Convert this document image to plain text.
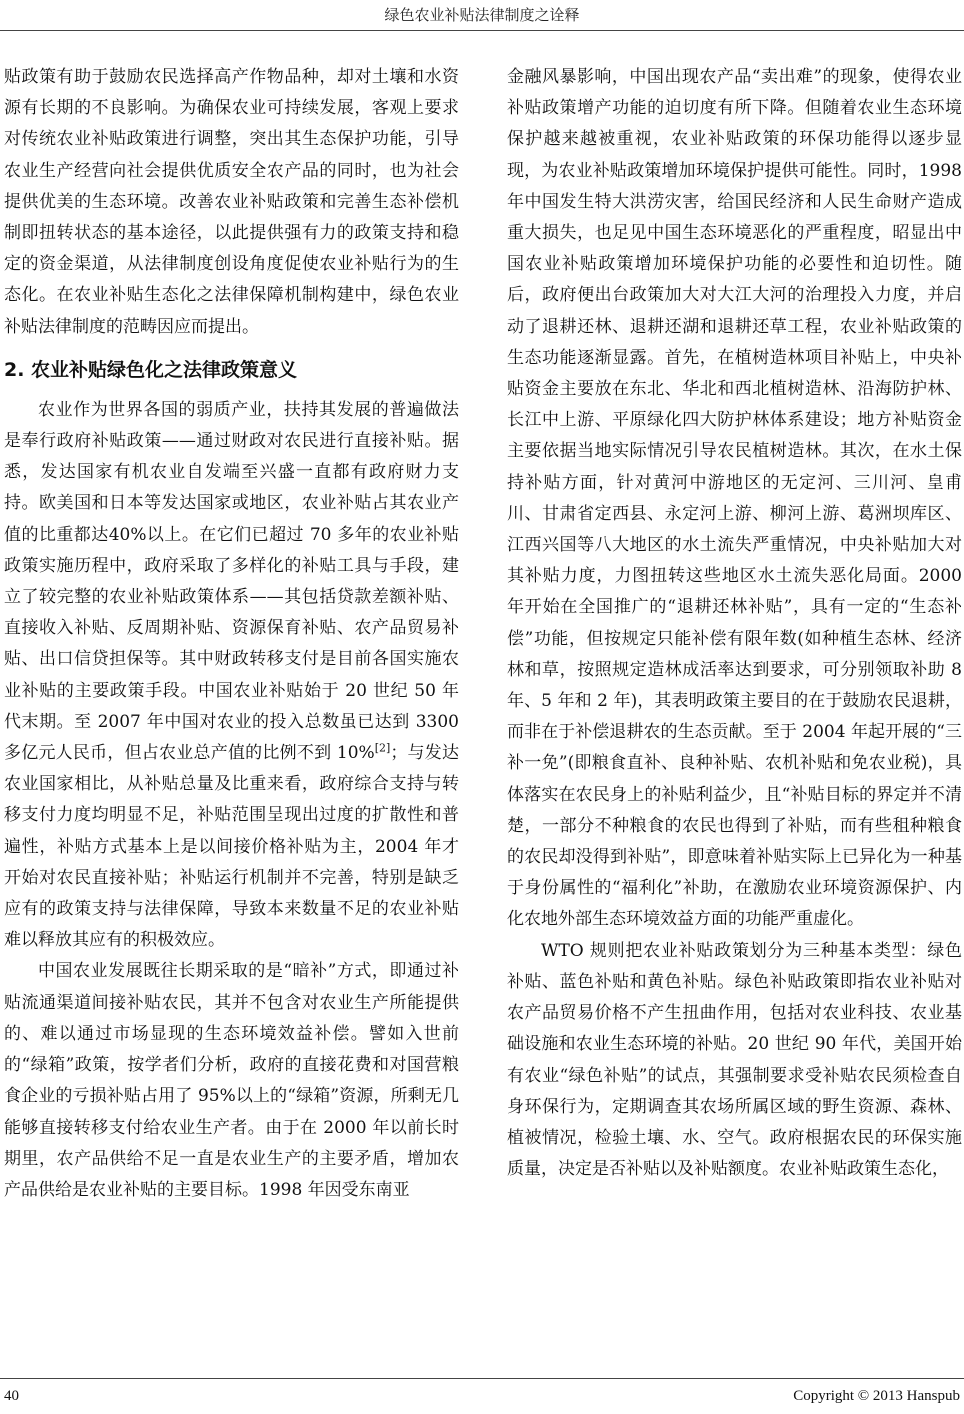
绿色农业补贴法律制度之诠释

贴政策有助于鼓励农民选择高产作物品种，却对土壤和水资源有长期的不良影响。为确保农业可持续发展，客观上要求对传统农业补贴政策进行调整，突出其生态保护功能，引导农业生产经营向社会提供优质安全农产品的同时，也为社会提供优美的生态环境。改善农业补贴政策和完善生态补偿机制即扭转状态的基本途径，以此提供强有力的政策支持和稳定的资金渠道，从法律制度创设角度促使农业补贴行为的生态化。在农业补贴生态化之法律保障机制构建中，绿色农业补贴法律制度的范畴因应而提出。

2. 农业补贴绿色化之法律政策意义

农业作为世界各国的弱质产业，扶持其发展的普遍做法是奉行政府补贴政策——通过财政对农民进行直接补贴。据悉，发达国家有机农业自发端至兴盛一直都有政府财力支持。欧美国和日本等发达国家或地区，农业补贴占其农业产值的比重都达40%以上。在它们已超过 70 多年的农业补贴政策实施历程中，政府采取了多样化的补贴工具与手段，建立了较完整的农业补贴政策体系——其包括贷款差额补贴、直接收入补贴、反周期补贴、资源保育补贴、农产品贸易补贴、出口信贷担保等。其中财政转移支付是目前各国实施农业补贴的主要政策手段。中国农业补贴始于 20 世纪 50 年代末期。至 2007 年中国对农业的投入总数虽已达到 3300 多亿元人民币，但占农业总产值的比例不到 10%[2]；与发达农业国家相比，从补贴总量及比重来看，政府综合支持与转移支付力度均明显不足，补贴范围呈现出过度的扩散性和普遍性，补贴方式基本上是以间接价格补贴为主，2004 年才开始对农民直接补贴；补贴运行机制并不完善，特别是缺乏应有的政策支持与法律保障，导致本来数量不足的农业补贴难以释放其应有的积极效应。

中国农业发展既往长期采取的是“暗补”方式，即通过补贴流通渠道间接补贴农民，其并不包含对农业生产所能提供的、难以通过市场显现的生态环境效益补偿。譬如入世前的“绿箱”政策，按学者们分析，政府的直接花费和对国营粮食企业的亏损补贴占用了 95%以上的“绿箱”资源，所剩无几能够直接转移支付给农业生产者。由于在 2000 年以前长时期里，农产品供给不足一直是农业生产的主要矛盾，增加农产品供给是农业补贴的主要目标。1998 年因受东南亚

金融风暴影响，中国出现农产品“卖出难”的现象，使得农业补贴政策增产功能的迫切度有所下降。但随着农业生态环境保护越来越被重视，农业补贴政策的环保功能得以逐步显现，为农业补贴政策增加环境保护提供可能性。同时，1998 年中国发生特大洪涝灾害，给国民经济和人民生命财产造成重大损失，也足见中国生态环境恶化的严重程度，昭显出中国农业补贴政策增加环境保护功能的必要性和迫切性。随后，政府便出台政策加大对大江大河的治理投入力度，并启动了退耕还林、退耕还湖和退耕还草工程，农业补贴政策的生态功能逐渐显露。首先，在植树造林项目补贴上，中央补贴资金主要放在东北、华北和西北植树造林、沿海防护林、长江中上游、平原绿化四大防护林体系建设；地方补贴资金主要依据当地实际情况引导农民植树造林。其次，在水土保持补贴方面，针对黄河中游地区的无定河、三川河、皇甫川、甘肃省定西县、永定河上游、柳河上游、葛洲坝库区、江西兴国等八大地区的水土流失严重情况，中央补贴加大对其补贴力度，力图扭转这些地区水土流失恶化局面。2000 年开始在全国推广的“退耕还林补贴”，具有一定的“生态补偿”功能，但按规定只能补偿有限年数(如种植生态林、经济林和草，按照规定造林成活率达到要求，可分别领取补助 8 年、5 年和 2 年)，其表明政策主要目的在于鼓励农民退耕，而非在于补偿退耕农的生态贡献。至于 2004 年起开展的“三补一免”(即粮食直补、良种补贴、农机补贴和免农业税)，具体落实在农民身上的补贴利益少，且“补贴目标的界定并不清楚，一部分不种粮食的农民也得到了补贴，而有些租种粮食的农民却没得到补贴”，即意味着补贴实际上已异化为一种基于身份属性的“福利化”补助，在激励农业环境资源保护、内化农地外部生态环境效益方面的功能严重虚化。

WTO 规则把农业补贴政策划分为三种基本类型：绿色补贴、蓝色补贴和黄色补贴。绿色补贴政策即指农业补贴对农产品贸易价格不产生扭曲作用，包括对农业科技、农业基础设施和农业生态环境的补贴。20 世纪 90 年代，美国开始有农业“绿色补贴”的试点，其强制要求受补贴农民须检查自身环保行为，定期调查其农场所属区域的野生资源、森林、植被情况，检验土壤、水、空气。政府根据农民的环保实施质量，决定是否补贴以及补贴额度。农业补贴政策生态化，

40	Copyright © 2013 Hanspub
